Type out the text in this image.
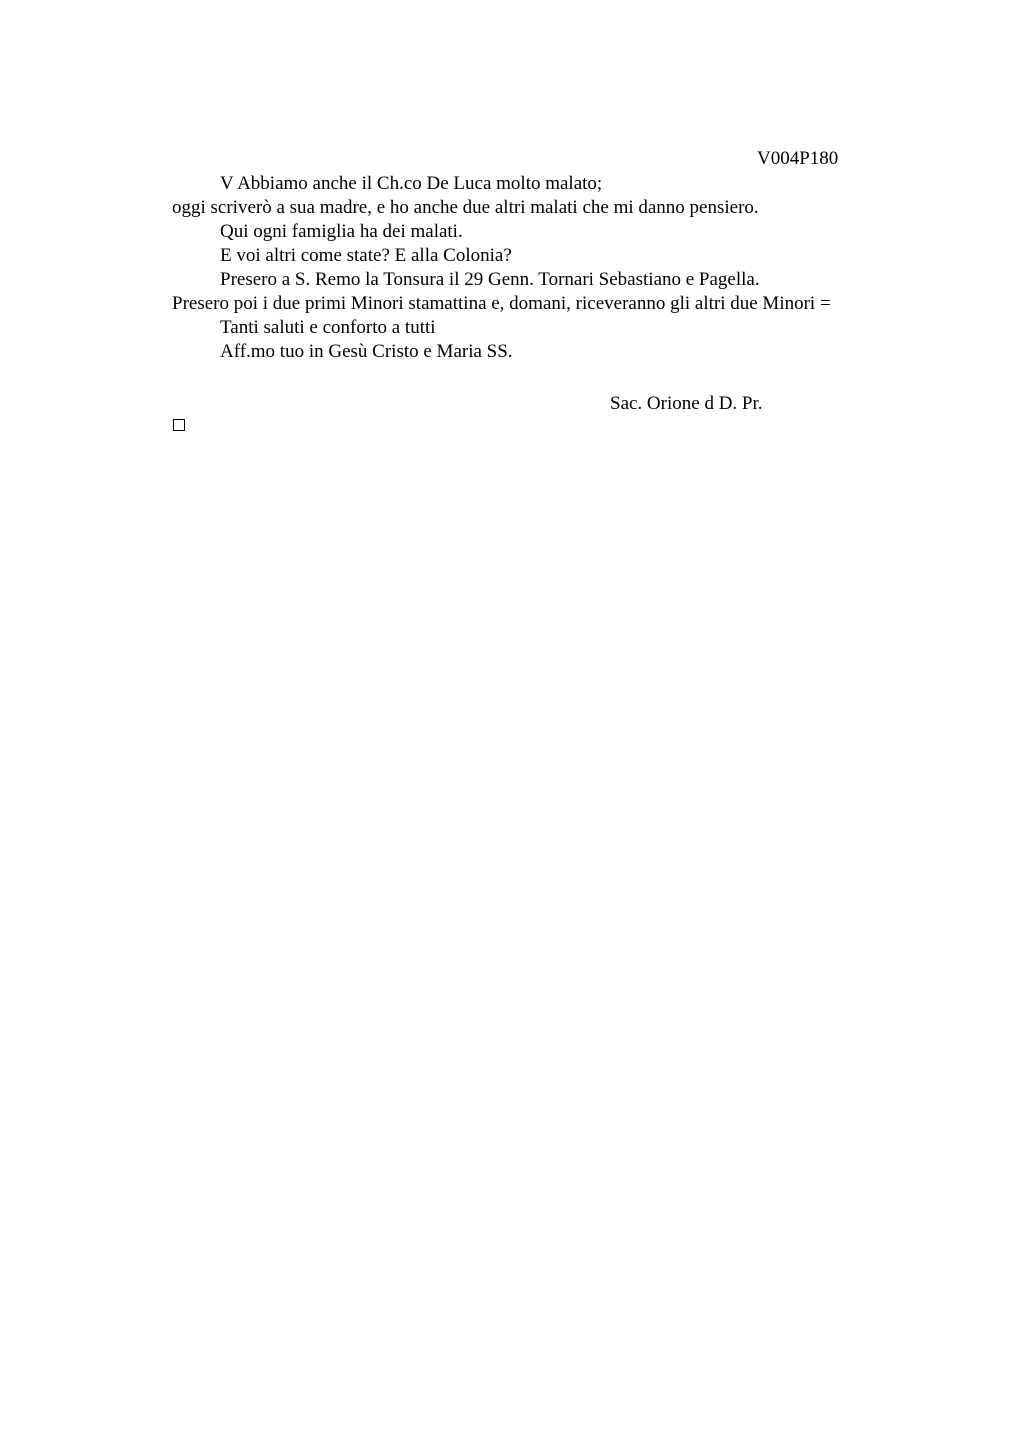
V004P180
V Abbiamo anche il Ch.co De Luca molto malato;
oggi scriverò a sua madre, e ho anche due altri malati che mi danno pensiero.
Qui ogni famiglia ha dei malati.
E voi altri come state? E alla Colonia?
Presero a S. Remo la Tonsura il 29 Genn. Tornari Sebastiano e Pagella.
Presero poi i due primi Minori stamattina e, domani, riceveranno gli altri due Minori =
Tanti saluti e conforto a tutti
Aff.mo tuo in Gesù Cristo e Maria SS.
Sac. Orione d D. Pr.
